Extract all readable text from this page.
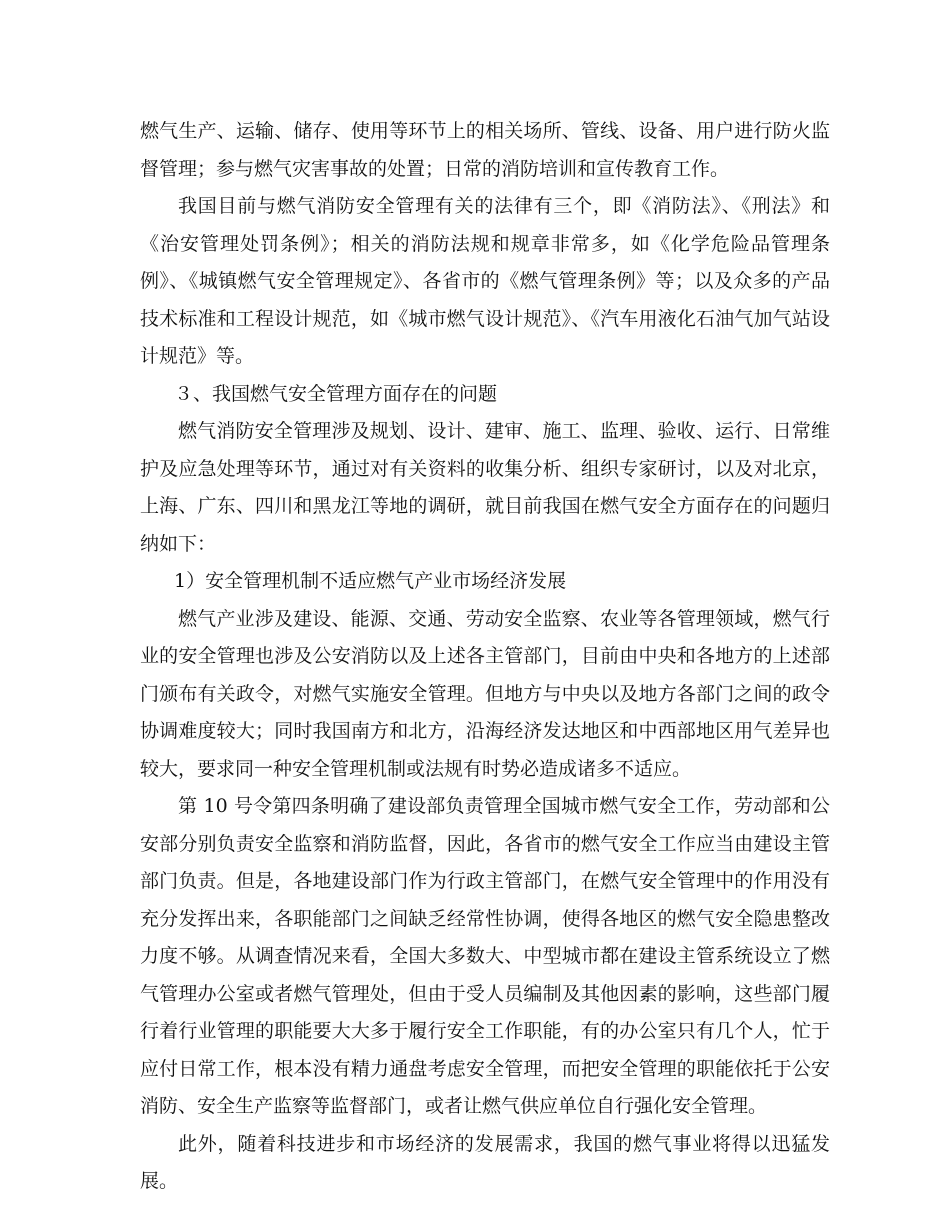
燃气生产、运输、储存、使用等环节上的相关场所、管线、设备、用户进行防火监督管理；参与燃气灾害事故的处置；日常的消防培训和宣传教育工作。

我国目前与燃气消防安全管理有关的法律有三个，即《消防法》、《刑法》和《治安管理处罚条例》；相关的消防法规和规章非常多，如《化学危险品管理条例》、《城镇燃气安全管理规定》、各省市的《燃气管理条例》等；以及众多的产品技术标准和工程设计规范，如《城市燃气设计规范》、《汽车用液化石油气加气站设计规范》等。

３、我国燃气安全管理方面存在的问题

燃气消防安全管理涉及规划、设计、建审、施工、监理、验收、运行、日常维护及应急处理等环节，通过对有关资料的收集分析、组织专家研讨，以及对北京，上海、广东、四川和黑龙江等地的调研，就目前我国在燃气安全方面存在的问题归纳如下：

1）安全管理机制不适应燃气产业市场经济发展

燃气产业涉及建设、能源、交通、劳动安全监察、农业等各管理领域，燃气行业的安全管理也涉及公安消防以及上述各主管部门，目前由中央和各地方的上述部门颁布有关政令，对燃气实施安全管理。但地方与中央以及地方各部门之间的政令协调难度较大；同时我国南方和北方，沿海经济发达地区和中西部地区用气差异也较大，要求同一种安全管理机制或法规有时势必造成诸多不适应。

第 10 号令第四条明确了建设部负责管理全国城市燃气安全工作，劳动部和公安部分别负责安全监察和消防监督，因此，各省市的燃气安全工作应当由建设主管部门负责。但是，各地建设部门作为行政主管部门，在燃气安全管理中的作用没有充分发挥出来，各职能部门之间缺乏经常性协调，使得各地区的燃气安全隐患整改力度不够。从调查情况来看，全国大多数大、中型城市都在建设主管系统设立了燃气管理办公室或者燃气管理处，但由于受人员编制及其他因素的影响，这些部门履行着行业管理的职能要大大多于履行安全工作职能，有的办公室只有几个人，忙于应付日常工作，根本没有精力通盘考虑安全管理，而把安全管理的职能依托于公安消防、安全生产监察等监督部门，或者让燃气供应单位自行强化安全管理。

此外，随着科技进步和市场经济的发展需求，我国的燃气事业将得以迅猛发展。
